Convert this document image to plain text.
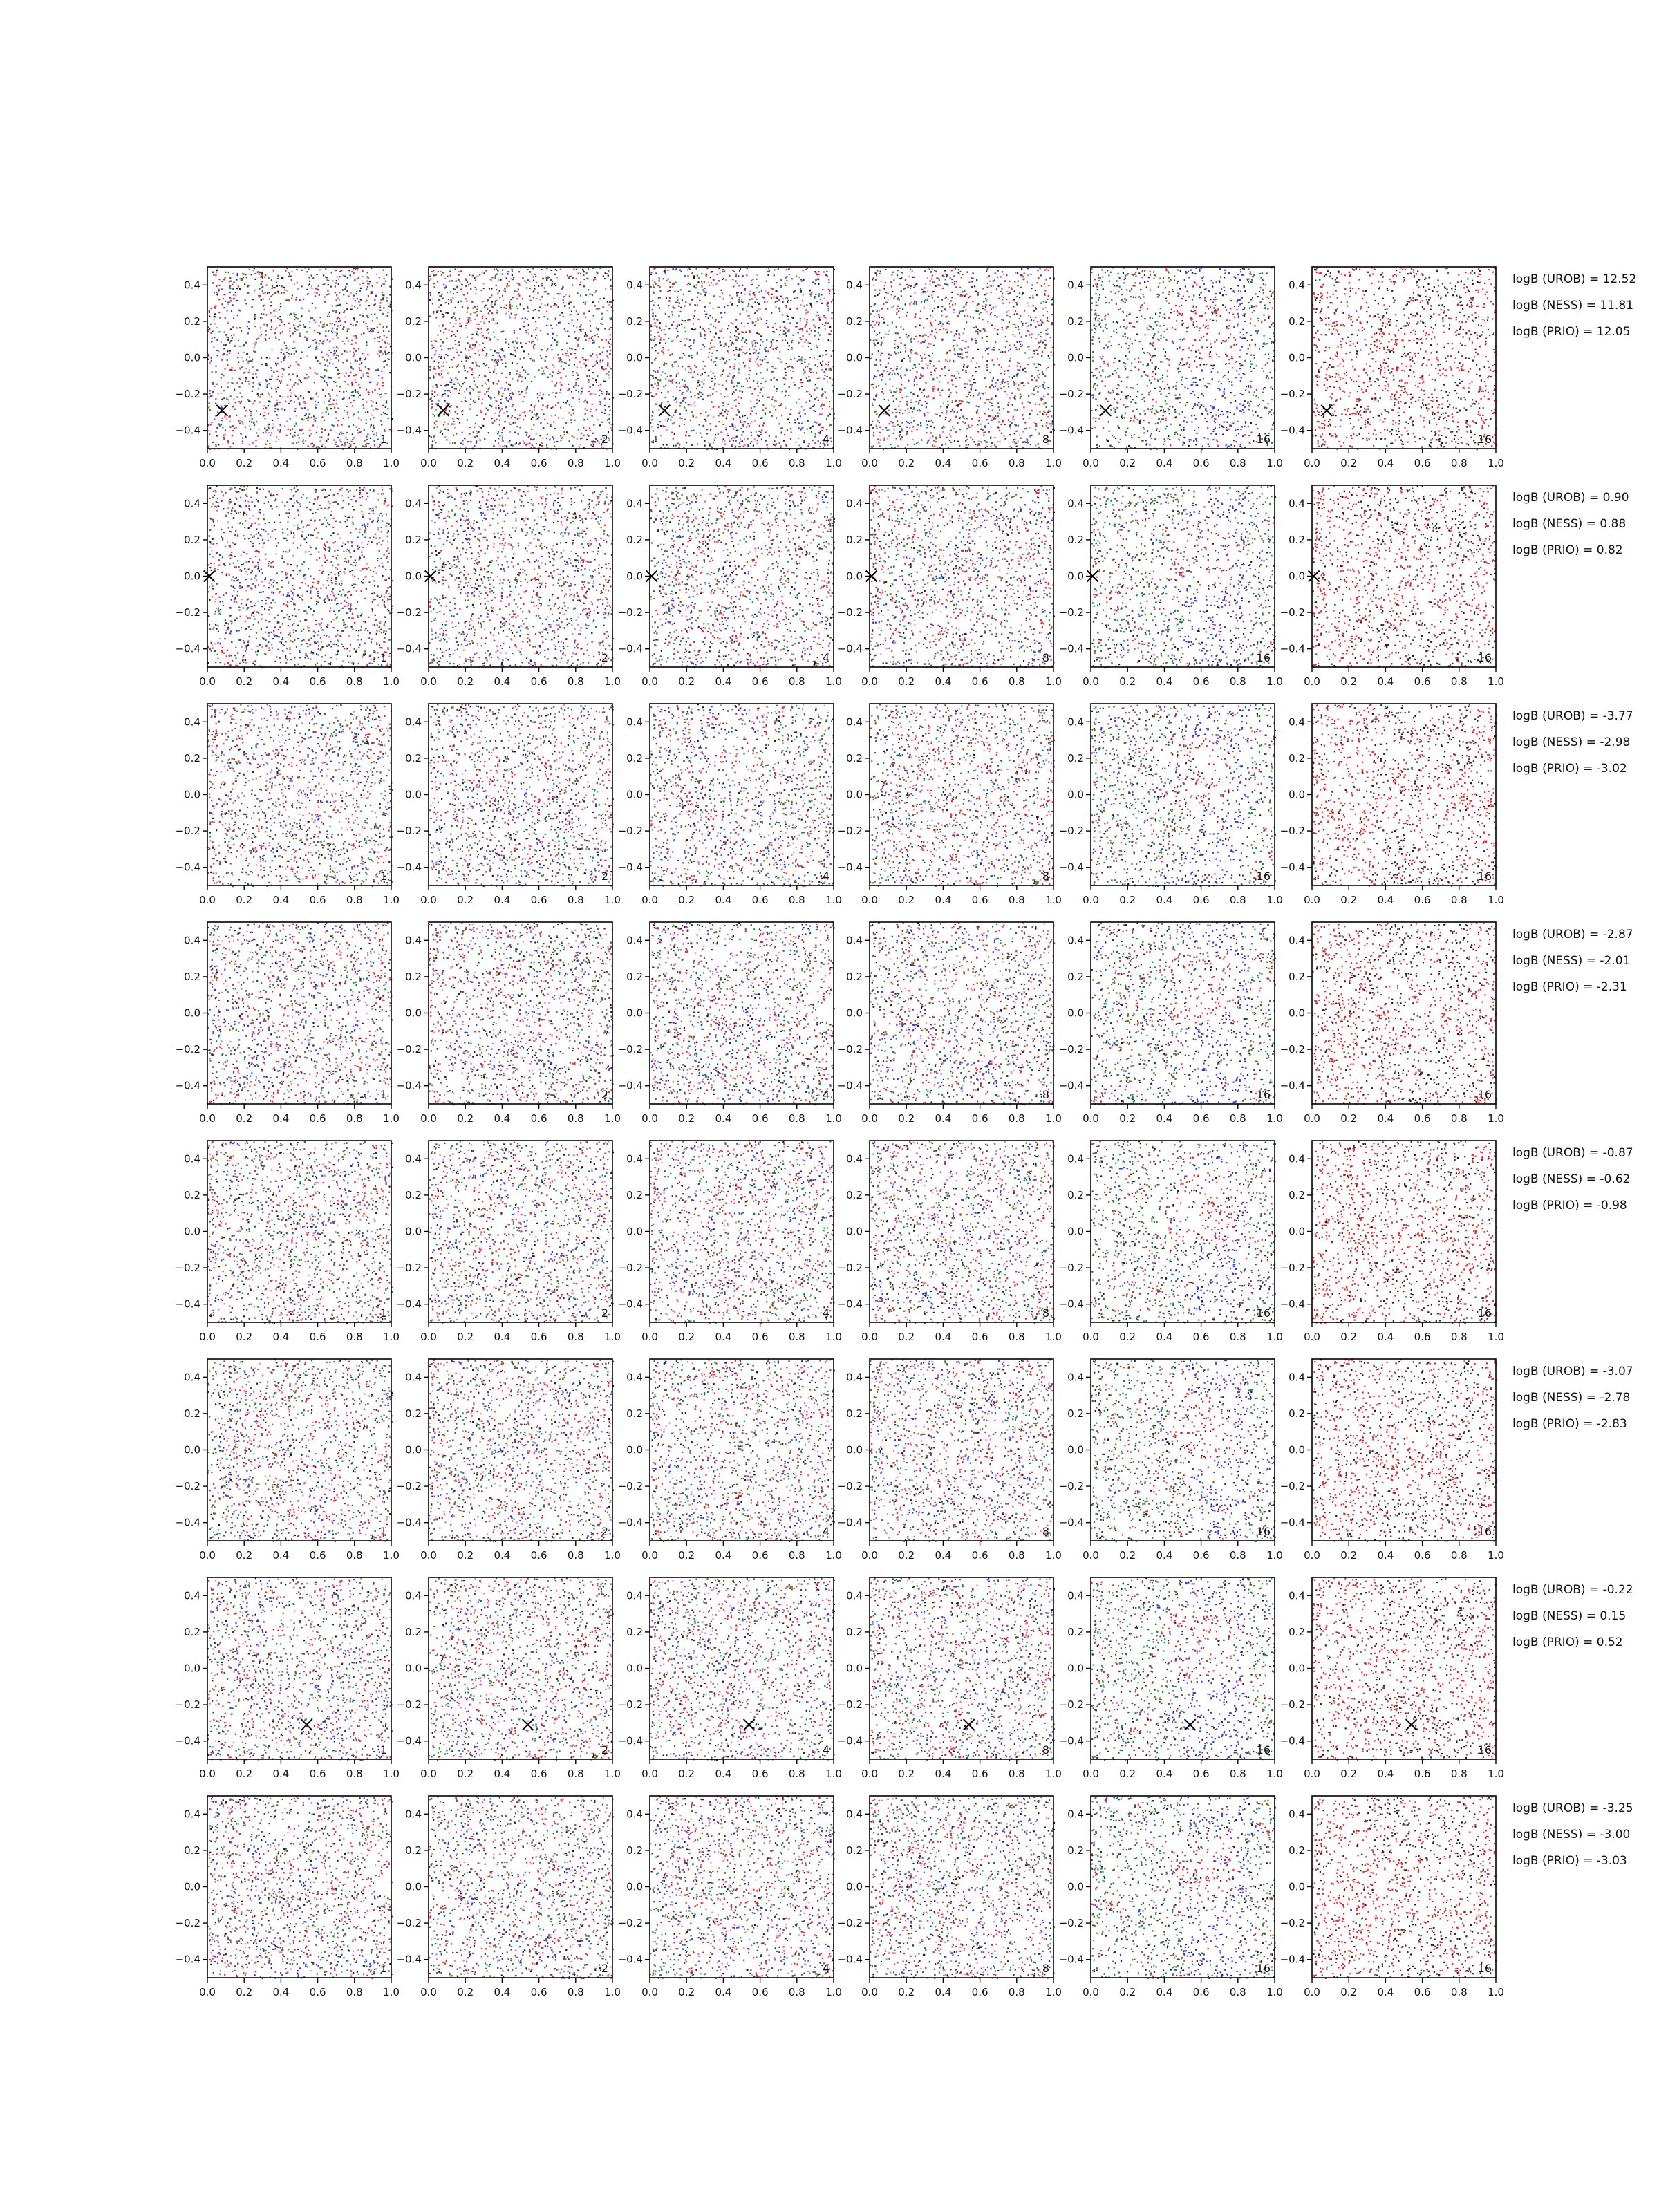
0.0 0.2 0.4 0.6 0.8 1.0
0.4
0.2
0.0
−0.2
−0.4
1
0.0 0.2 0.4 0.6 0.8 1.0
0.4
0.2
0.0
−0.2
−0.4
2
0.0 0.2 0.4 0.6 0.8 1.0
0.4
0.2
0.0
−0.2
−0.4
4
0.0 0.2 0.4 0.6 0.8 1.0
0.4
0.2
0.0
−0.2
−0.4
8
0.0 0.2 0.4 0.6 0.8 1.0
0.4
0.2
0.0
−0.2
−0.4
16
0.0 0.2 0.4 0.6 0.8 1.0
0.4
0.2
0.0
−0.2
−0.4
16
0.0 0.2 0.4 0.6 0.8 1.0
0.4
0.2
0.0
−0.2
−0.4
1
0.0 0.2 0.4 0.6 0.8 1.0
0.4
0.2
0.0
−0.2
−0.4
2
0.0 0.2 0.4 0.6 0.8 1.0
0.4
0.2
0.0
−0.2
−0.4
4
0.0 0.2 0.4 0.6 0.8 1.0
0.4
0.2
0.0
−0.2
−0.4
8
0.0 0.2 0.4 0.6 0.8 1.0
0.4
0.2
0.0
−0.2
−0.4
16
0.0 0.2 0.4 0.6 0.8 1.0
0.4
0.2
0.0
−0.2
−0.4
16
0.0 0.2 0.4 0.6 0.8 1.0
0.4
0.2
0.0
−0.2
−0.4
1
0.0 0.2 0.4 0.6 0.8 1.0
0.4
0.2
0.0
−0.2
−0.4
2
0.0 0.2 0.4 0.6 0.8 1.0
0.4
0.2
0.0
−0.2
−0.4
4
0.0 0.2 0.4 0.6 0.8 1.0
0.4
0.2
0.0
−0.2
−0.4
8
0.0 0.2 0.4 0.6 0.8 1.0
0.4
0.2
0.0
−0.2
−0.4
16
0.0 0.2 0.4 0.6 0.8 1.0
0.4
0.2
0.0
−0.2
−0.4
16
0.0 0.2 0.4 0.6 0.8 1.0
0.4
0.2
0.0
−0.2
−0.4
1
0.0 0.2 0.4 0.6 0.8 1.0
0.4
0.2
0.0
−0.2
−0.4
2
0.0 0.2 0.4 0.6 0.8 1.0
0.4
0.2
0.0
−0.2
−0.4
4
0.0 0.2 0.4 0.6 0.8 1.0
0.4
0.2
0.0
−0.2
−0.4
8
0.0 0.2 0.4 0.6 0.8 1.0
0.4
0.2
0.0
−0.2
−0.4
16
0.0 0.2 0.4 0.6 0.8 1.0
0.4
0.2
0.0
−0.2
−0.4
16
0.0 0.2 0.4 0.6 0.8 1.0
0.4
0.2
0.0
−0.2
−0.4
1
0.0 0.2 0.4 0.6 0.8 1.0
0.4
0.2
0.0
−0.2
−0.4
2
0.0 0.2 0.4 0.6 0.8 1.0
0.4
0.2
0.0
−0.2
−0.4
4
0.0 0.2 0.4 0.6 0.8 1.0
0.4
0.2
0.0
−0.2
−0.4
8
0.0 0.2 0.4 0.6 0.8 1.0
0.4
0.2
0.0
−0.2
−0.4
16
0.0 0.2 0.4 0.6 0.8 1.0
0.4
0.2
0.0
−0.2
−0.4
16
0.0 0.2 0.4 0.6 0.8 1.0
0.4
0.2
0.0
−0.2
−0.4
1
0.0 0.2 0.4 0.6 0.8 1.0
0.4
0.2
0.0
−0.2
−0.4
2
0.0 0.2 0.4 0.6 0.8 1.0
0.4
0.2
0.0
−0.2
−0.4
4
0.0 0.2 0.4 0.6 0.8 1.0
0.4
0.2
0.0
−0.2
−0.4
8
0.0 0.2 0.4 0.6 0.8 1.0
0.4
0.2
0.0
−0.2
−0.4
16
0.0 0.2 0.4 0.6 0.8 1.0
0.4
0.2
0.0
−0.2
−0.4
16
0.0 0.2 0.4 0.6 0.8 1.0
0.4
0.2
0.0
−0.2
−0.4
1
0.0 0.2 0.4 0.6 0.8 1.0
0.4
0.2
0.0
−0.2
−0.4
2
0.0 0.2 0.4 0.6 0.8 1.0
0.4
0.2
0.0
−0.2
−0.4
4
0.0 0.2 0.4 0.6 0.8 1.0
0.4
0.2
0.0
−0.2
−0.4
8
0.0 0.2 0.4 0.6 0.8 1.0
0.4
0.2
0.0
−0.2
−0.4
16
0.0 0.2 0.4 0.6 0.8 1.0
0.4
0.2
0.0
−0.2
−0.4
16
0.0 0.2 0.4 0.6 0.8 1.0
0.4
0.2
0.0
−0.2
−0.4
1
0.0 0.2 0.4 0.6 0.8 1.0
0.4
0.2
0.0
−0.2
−0.4
2
0.0 0.2 0.4 0.6 0.8 1.0
0.4
0.2
0.0
−0.2
−0.4
4
0.0 0.2 0.4 0.6 0.8 1.0
0.4
0.2
0.0
−0.2
−0.4
8
0.0 0.2 0.4 0.6 0.8 1.0
0.4
0.2
0.0
−0.2
−0.4
16
0.0 0.2 0.4 0.6 0.8 1.0
0.4
0.2
0.0
−0.2
−0.4
16
logB (UROB) = 12.52
logB (NESS) = 11.81
logB (PRIO) = 12.05
logB (UROB) = 0.90
logB (NESS) = 0.88
logB (PRIO) = 0.82
logB (UROB) = -3.77
logB (NESS) = -2.98
logB (PRIO) = -3.02
logB (UROB) = -2.87
logB (NESS) = -2.01
logB (PRIO) = -2.31
logB (UROB) = -0.87
logB (NESS) = -0.62
logB (PRIO) = -0.98
logB (UROB) = -3.07
logB (NESS) = -2.78
logB (PRIO) = -2.83
logB (UROB) = -0.22
logB (NESS) = 0.15
logB (PRIO) = 0.52
logB (UROB) = -3.25
logB (NESS) = -3.00
logB (PRIO) = -3.03
